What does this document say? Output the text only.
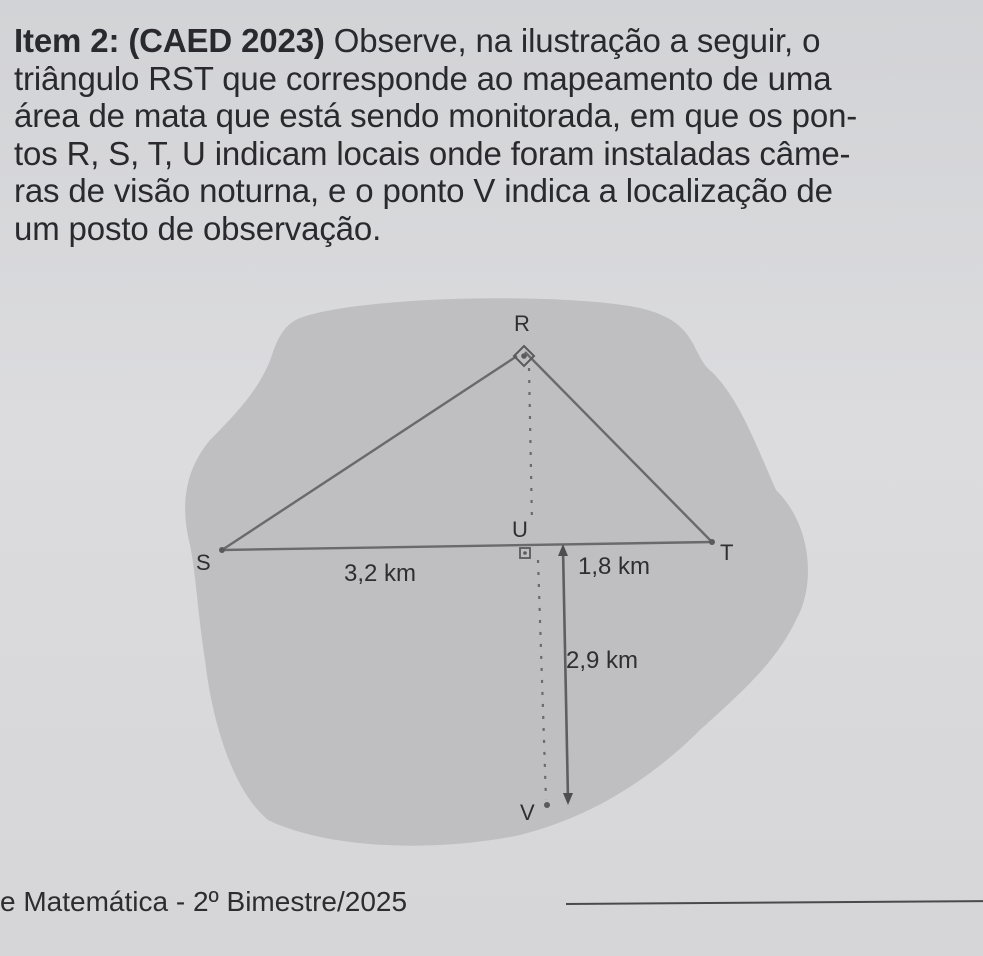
Item 2: (CAED 2023) Observe, na ilustração a seguir, o
triângulo RST que corresponde ao mapeamento de uma
área de mata que está sendo monitorada, em que os pon-
tos R, S, T, U indicam locais onde foram instaladas câme-
ras de visão noturna, e o ponto V indica a localização de
um posto de observação.
R
U
S	T
V
3,2 km	1,8 km
2,9 km
e Matemática - 2º Bimestre/2025
